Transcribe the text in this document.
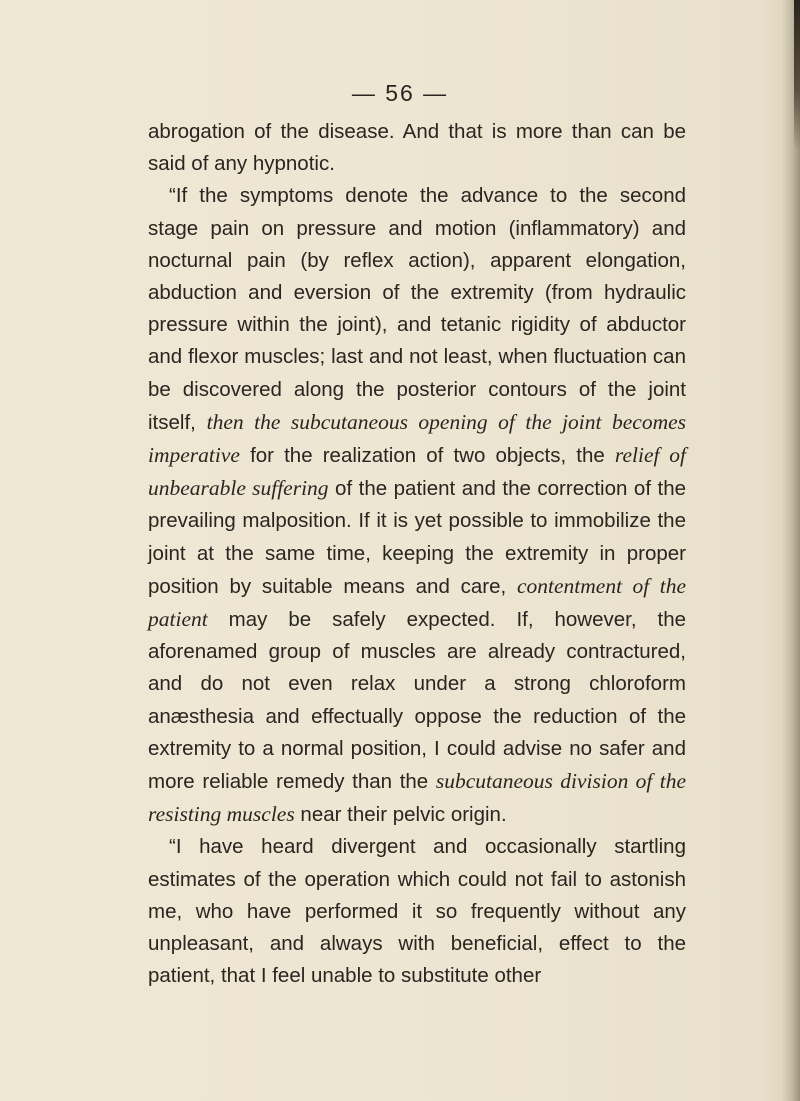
— 56 —

abrogation of the disease. And that is more than can be said of any hypnotic.

“If the symptoms denote the advance to the second stage pain on pressure and motion (inflammatory) and nocturnal pain (by reflex action), apparent elongation, abduction and eversion of the extremity (from hydraulic pressure within the joint), and tetanic rigidity of abductor and flexor muscles; last and not least, when fluctuation can be discovered along the posterior contours of the joint itself, then the subcutaneous opening of the joint becomes imperative for the realization of two objects, the relief of unbearable suffering of the patient and the correction of the prevailing malposition. If it is yet possible to immobilize the joint at the same time, keeping the extremity in proper position by suitable means and care, contentment of the patient may be safely expected. If, however, the aforenamed group of muscles are already contractured, and do not even relax under a strong chloroform anæsthesia and effectually oppose the reduction of the extremity to a normal position, I could advise no safer and more reliable remedy than the subcutaneous division of the resisting muscles near their pelvic origin.

“I have heard divergent and occasionally startling estimates of the operation which could not fail to astonish me, who have performed it so frequently without any unpleasant, and always with beneficial, effect to the patient, that I feel unable to substitute other
